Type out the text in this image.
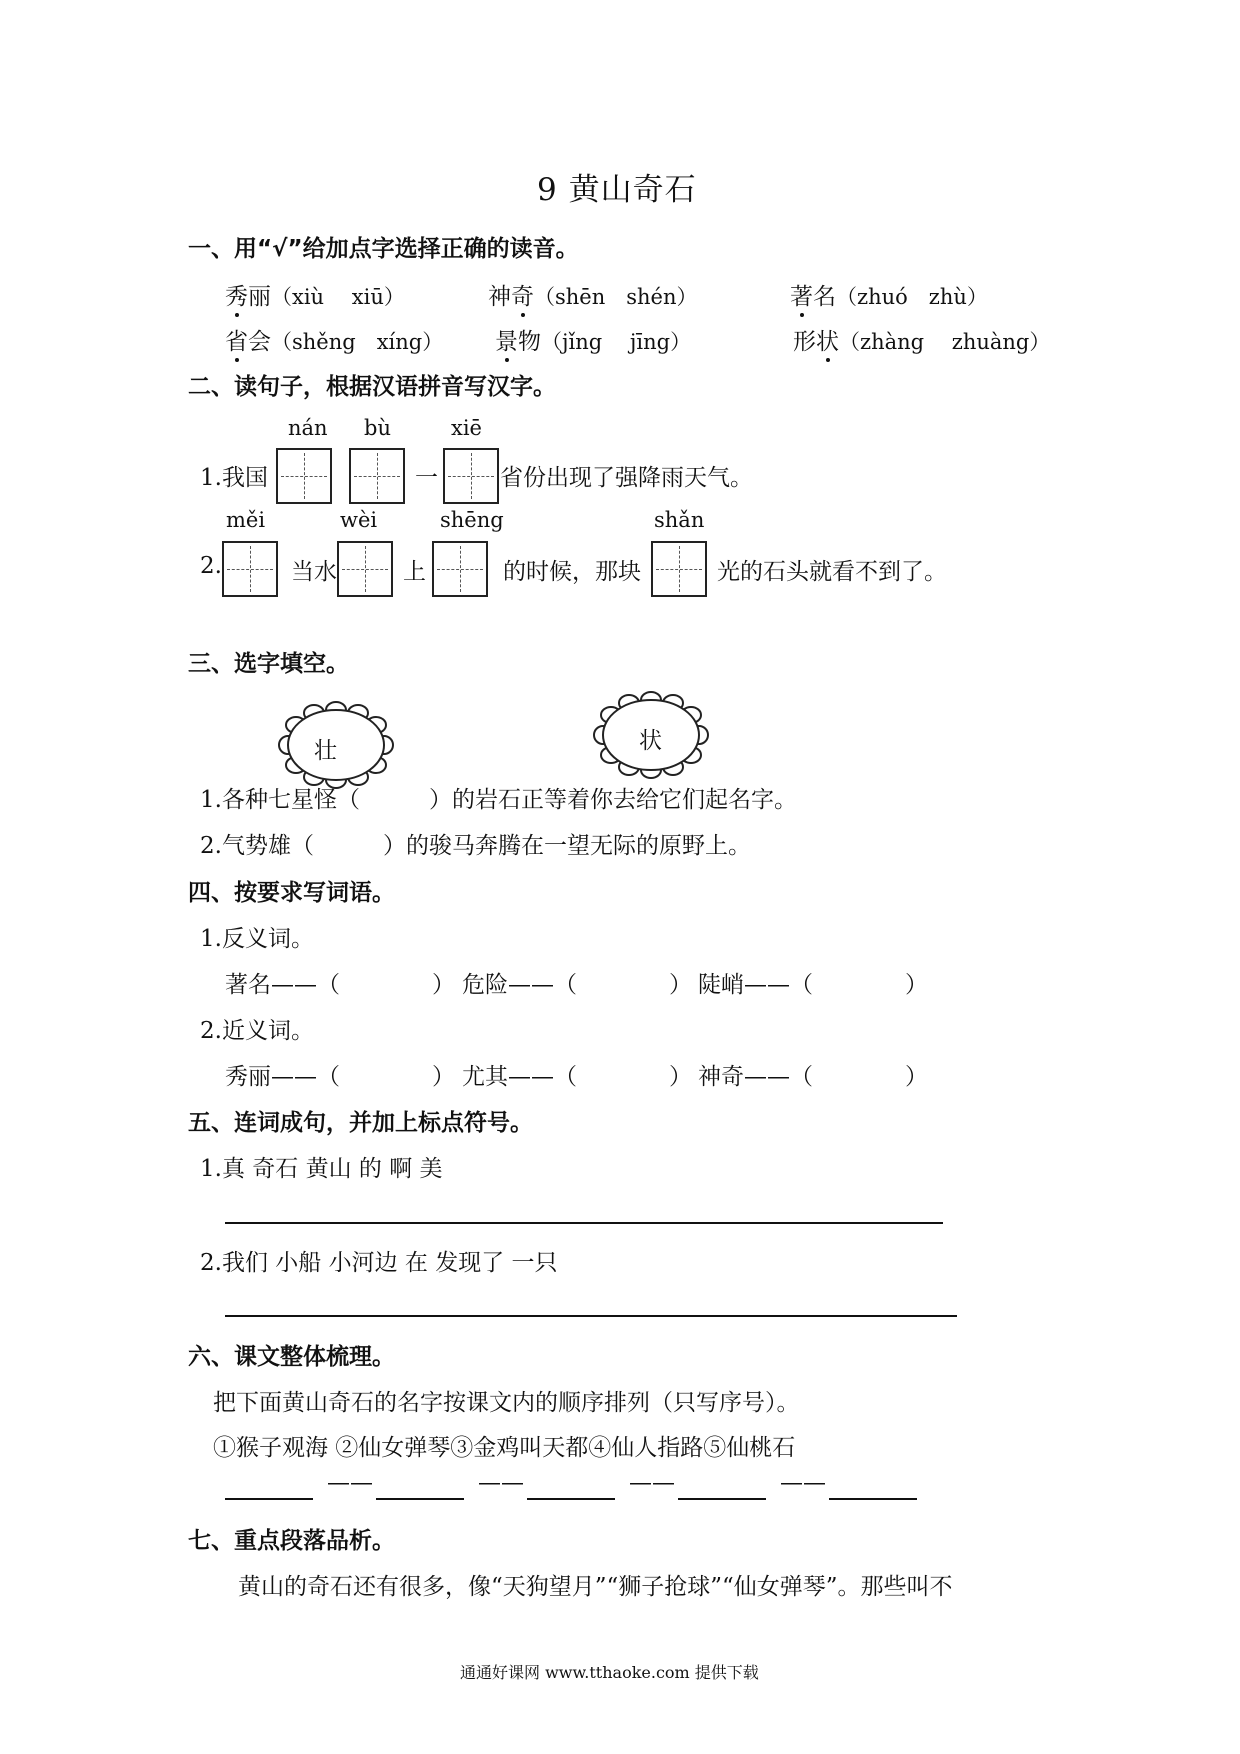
9 黄山奇石
一、用“√”给加点字选择正确的读音。
秀丽（xiù　 xiū）	神奇（shēn　shén）	著名（zhuó　zhù）
省会（shěng　xíng） 景物（jǐng　 jīng）	形状（zhàng　 zhuàng）
二、读句子，根据汉语拼音写汉字。
nán bù	xiē
1.我国	一	省份出现了强降雨天气。
měi	wèi	shēng	shǎn
2.	当水	上	的时候，那块	光的石头就看不到了。
三、选字填空。
壮	状
1.各种七星怪（　　　）的岩石正等着你去给它们起名字。
2.气势雄（　　　）的骏马奔腾在一望无际的原野上。
四、按要求写词语。
1.反义词。
著名——（　　　　） 危险——（　　　　） 陡峭——（　　　　）
2.近义词。
秀丽——（　　　　） 尤其——（　　　　） 神奇——（　　　　）
五、连词成句，并加上标点符号。
1.真 奇石 黄山 的 啊 美
2.我们 小船 小河边 在 发现了 一只
六、课文整体梳理。
把下面黄山奇石的名字按课文内的顺序排列（只写序号）。
①猴子观海 ②仙女弹琴③金鸡叫天都④仙人指路⑤仙桃石
——	——	——	——
七、重点段落品析。
黄山的奇石还有很多，像“天狗望月”“狮子抢球”“仙女弹琴”。那些叫不
通通好课网 www.tthaoke.com 提供下载
